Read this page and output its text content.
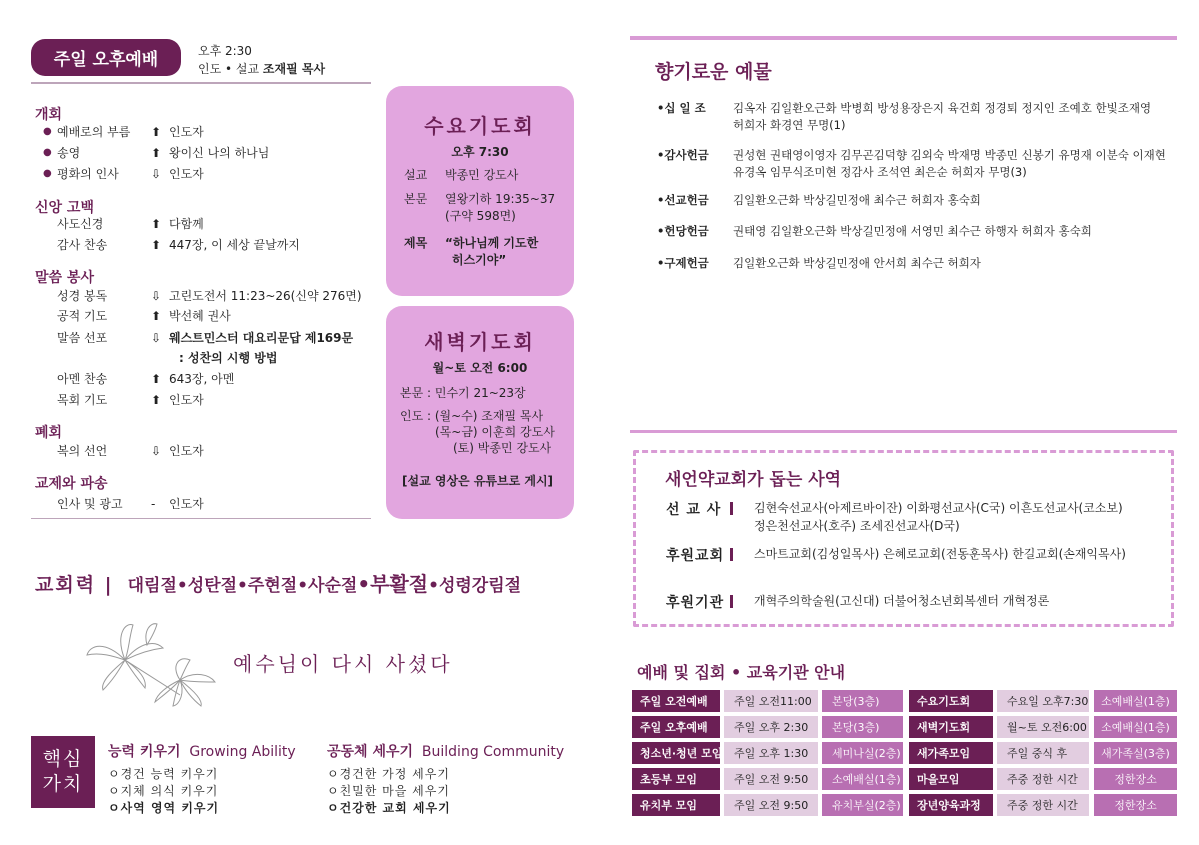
주일 오후예배	오후 2:30
인도 • 설교 조재필 목사
개회
신앙 고백
말씀 봉사
폐회
교제와 파송
● 예배로의 부름	⬆ 인도자
● 송영	⬆ 왕이신 나의 하나님
● 평화의 인사	⇩ 인도자
사도신경	⬆ 다함께
감사 찬송	⬆ 447장, 이 세상 끝날까지
성경 봉독	⇩ 고린도전서 11:23~26(신약 276면)
공적 기도	⬆ 박선혜 권사
말씀 선포	⇩ 웨스트민스터 대요리문답 제169문
: 성찬의 시행 방법
아멘 찬송	⬆ 643장, 아멘
목회 기도	⬆ 인도자
복의 선언	⇩ 인도자
인사 및 광고	-	인도자
수요기도회
오후 7:30
설교 박종민 강도사
본문 열왕기하 19:35~37
(구약 598면)
제목 “하나님께 기도한
히스기야”
새벽기도회
월~토 오전 6:00
본문 : 민수기 21~23장
인도 : (월~수) 조재필 목사
(목~금) 이훈희 강도사
(토) 박종민 강도사
[설교 영상은 유튜브로 게시]
교회력 | 대림절 •성탄절 •주현절 •사순절 •부활절 •성령강림절
예수님이 다시 사셨다
핵심
가치
능력 키우기 Growing Ability
ㅇ경건 능력 키우기
ㅇ지체 의식 키우기
ㅇ사역 영역 키우기
공동체 세우기 Building Community
ㅇ경건한 가정 세우기
ㅇ친밀한 마을 세우기
ㅇ건강한 교회 세우기
향기로운 예물
•십 일 조	김옥자 김일환오근화 박병희 방성용장은지 육건희 정경퇴 정지인 조예호 한빛조재영
허희자 화경연 무명(1)
•감사헌금	권성현 권태영이영자 김무곤김덕향 김외숙 박재명 박종민 신봉기 유명재 이분숙 이재현
유경옥 임무식조미현 정감사 조석연 최은순 허희자 무명(3)
•선교헌금	김일환오근화 박상길민정애 최수근 허희자 홍숙희
•헌당헌금	권태영 김일환오근화 박상길민정애 서영민 최수근 하행자 허희자 홍숙희
•구제헌금	김일환오근화 박상길민정애 안서희 최수근 허희자
새언약교회가 돕는 사역
선 교 사	김현숙선교사(아제르바이잔) 이화평선교사(C국) 이흔도선교사(코소보)
정은천선교사(호주) 조세진선교사(D국)
후원교회	스마트교회(김성일목사) 은혜로교회(전동훈목사) 한길교회(손재익목사)
후원기관	개혁주의학술원(고신대) 더불어청소년회복센터 개혁정론
예배 및 집회 • 교육기관 안내
주일 오전예배	주일 오전11:00	본당(3층)	수요기도회	수요일 오후7:30	소예배실(1층)
주일 오후예배	주일 오후 2:30	본당(3층)	새벽기도회	월~토 오전6:00	소예배실(1층)
청소년·청년 모임	주일 오후 1:30	세미나실(2층)	새가족모임	주일 중식 후	새가족실(3층)
초등부 모임	주일 오전 9:50	소예배실(1층)	마을모임	주중 정한 시간	정한장소
유치부 모임	주일 오전 9:50	유치부실(2층)	장년양육과정	주중 정한 시간	정한장소
